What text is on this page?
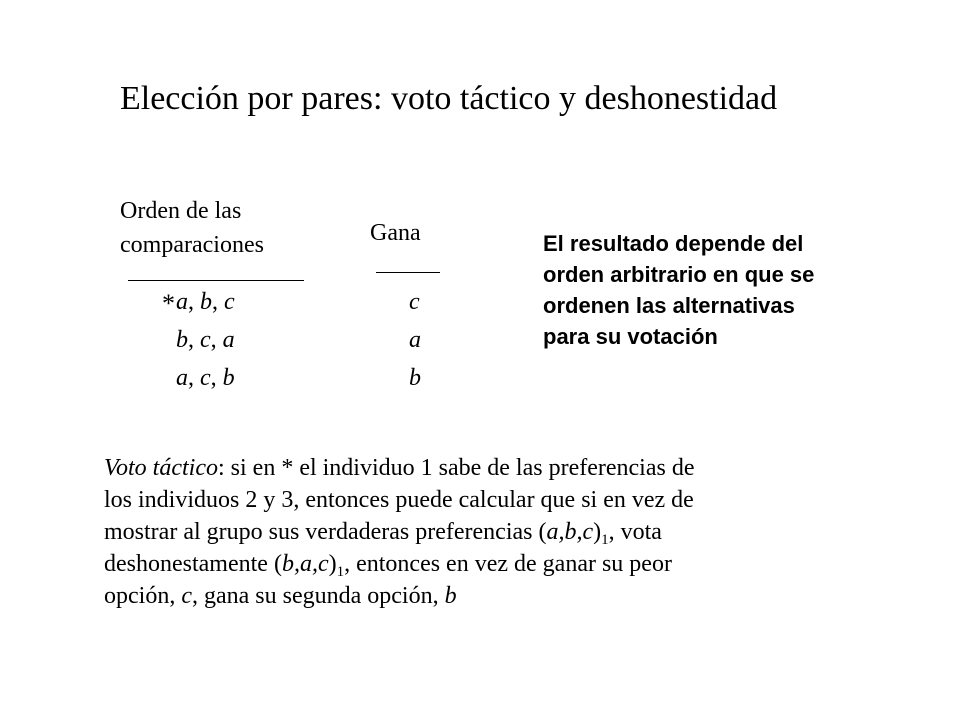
Elección por pares: voto táctico y deshonestidad
Orden de las
comparaciones	Gana
* a, b, c
b, c, a
a, c, b
c
a
b
El resultado depende del
orden arbitrario en que se
ordenen las alternativas
para su votación
Voto táctico: si en * el individuo 1 sabe de las preferencias de
los individuos 2 y 3, entonces puede calcular que si en vez de
mostrar al grupo sus verdaderas preferencias $(a,b,c)_1$, vota
deshonestamente $(b,a,c)_1$, entonces en vez de ganar su peor
opción, c, gana su segunda opción, b
